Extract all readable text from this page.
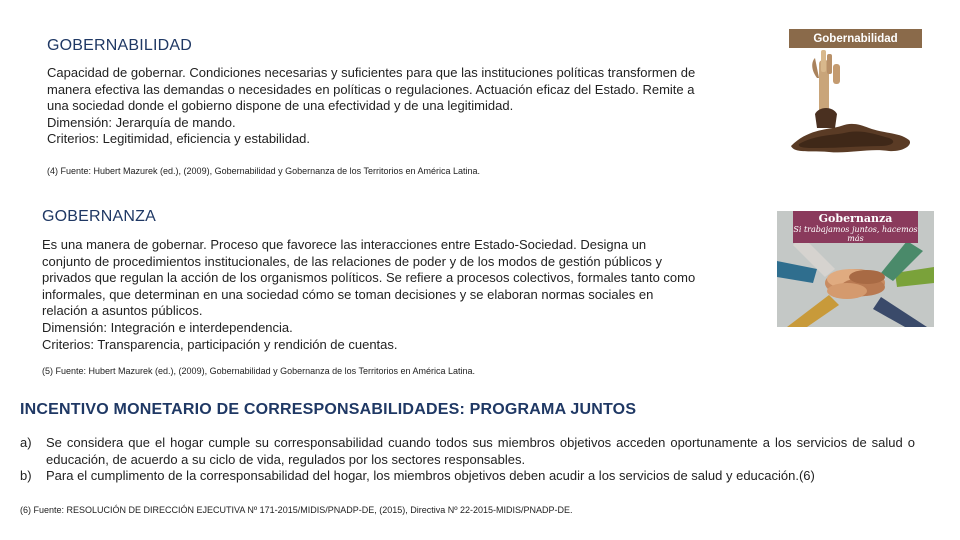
GOBERNABILIDAD

Capacidad de gobernar. Condiciones necesarias y suficientes para que las instituciones políticas transformen de

manera efectiva las demandas o necesidades en políticas o regulaciones. Actuación eficaz del Estado. Remite a

una sociedad donde el gobierno dispone de una efectividad y de una legitimidad.

Dimensión: Jerarquía de mando.

Criterios: Legitimidad, eficiencia y estabilidad.

(4) Fuente: Hubert Mazurek (ed.), (2009), Gobernabilidad y Gobernanza de los Territorios en América Latina.
Gobernabilidad
GOBERNANZA

Es una manera de gobernar. Proceso que favorece las interacciones entre Estado-Sociedad. Designa un

conjunto de procedimientos institucionales, de las relaciones de poder y de los modos de gestión públicos y

privados que regulan la acción de los organismos políticos. Se refiere a procesos colectivos, formales tanto como

informales, que determinan en una sociedad cómo se toman decisiones y se elaboran normas sociales en

relación a asuntos públicos.

Dimensión: Integración e interdependencia.

Criterios: Transparencia, participación y rendición de cuentas.

(5) Fuente: Hubert Mazurek (ed.), (2009), Gobernabilidad y Gobernanza de los Territorios en América Latina.
Gobernanza
Si trabajamos juntos, hacemos más
INCENTIVO MONETARIO DE CORRESPONSABILIDADES: PROGRAMA JUNTOS
a)	Se considera que el hogar cumple su corresponsabilidad cuando todos sus miembros objetivos acceden oportunamente a los servicios de salud o educación, de acuerdo a su ciclo de vida, regulados por los sectores responsables.
b)	Para el cumplimento de la corresponsabilidad del hogar, los miembros objetivos deben acudir a los servicios de salud y educación.(6)
(6) Fuente: RESOLUCIÓN DE DIRECCIÓN EJECUTIVA Nº 171-2015/MIDIS/PNADP-DE, (2015), Directiva Nº 22-2015-MIDIS/PNADP-DE.
